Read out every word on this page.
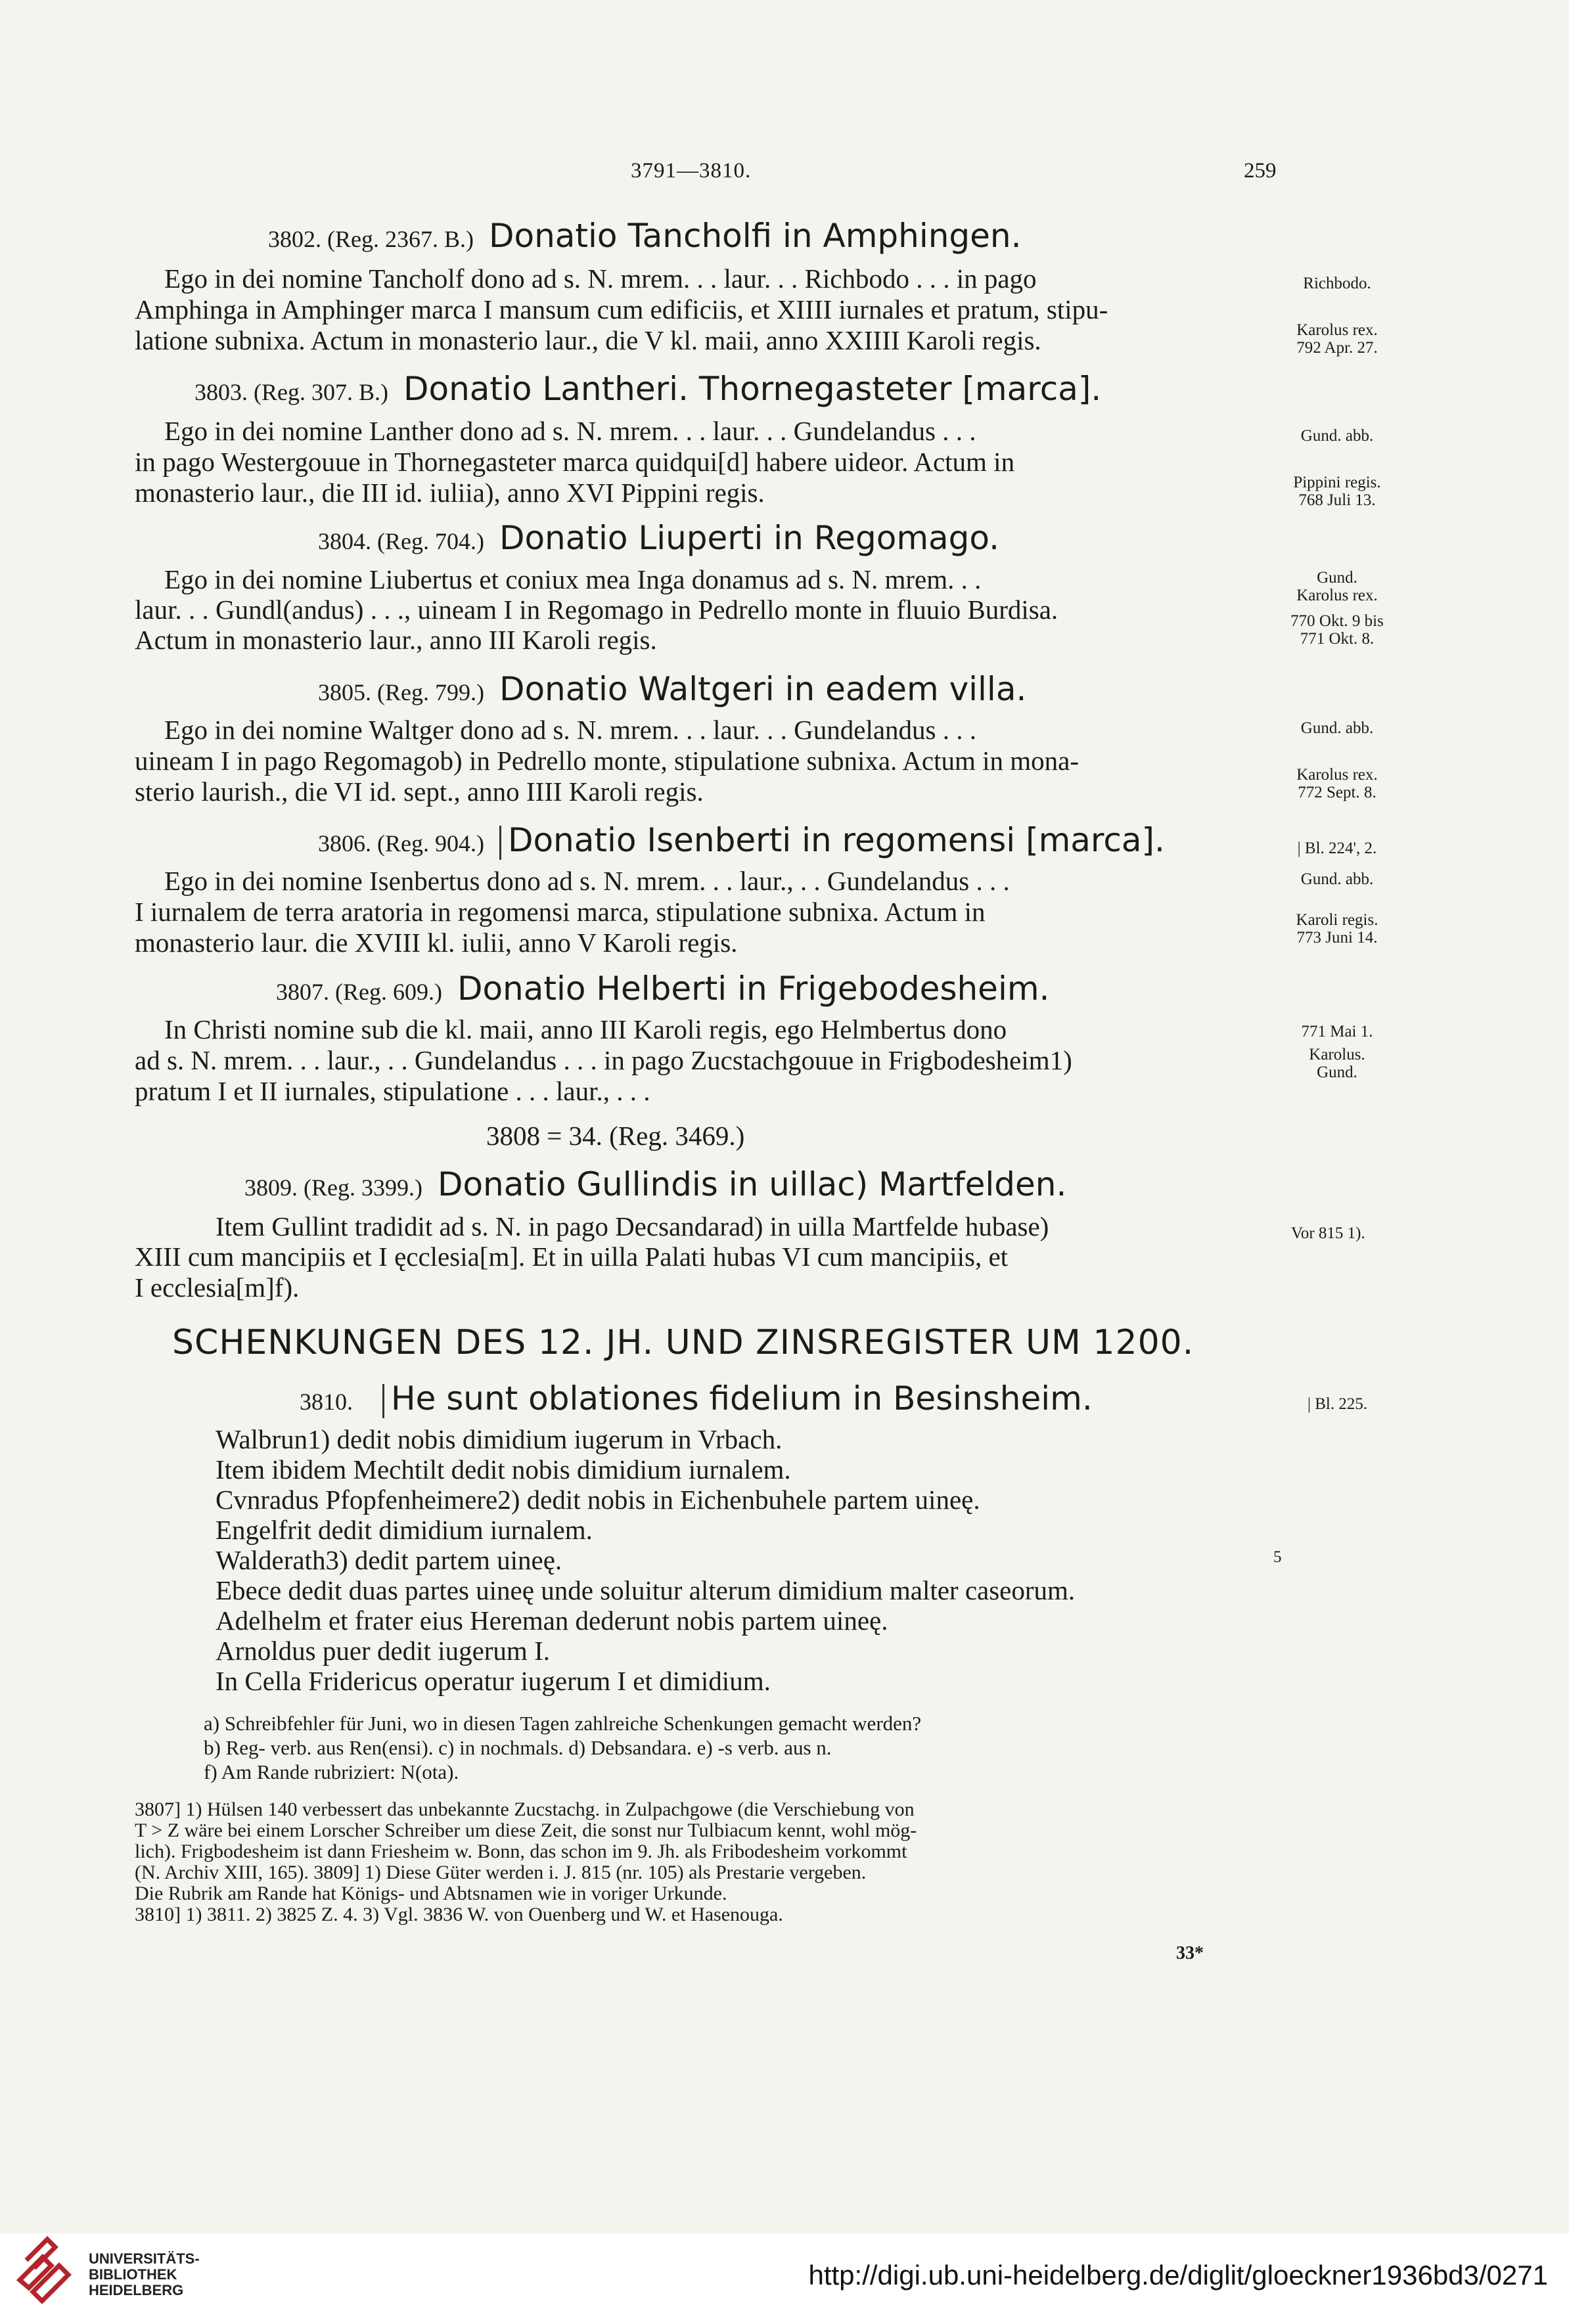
3791—3810.	259
3802. (Reg. 2367. B.) Donatio Tancholfi in Amphingen.
Ego in dei nomine Tancholf dono ad s. N. mrem. . . laur. . . Richbodo . . . in pago
Amphinga in Amphinger marca I mansum cum edificiis, et XIIII iurnales et pratum, stipu-
latione subnixa. Actum in monasterio laur., die V kl. maii, anno XXIIII Karoli regis.
Richbodo.
Karolus rex.
792 Apr. 27.
3803. (Reg. 307. B.) Donatio Lantheri. Thornegasteter [marca].
Ego in dei nomine Lanther dono ad s. N. mrem. . . laur. . . Gundelandus . . .
in pago Westergouue in Thornegasteter marca quidqui[d] habere uideor. Actum in
monasterio laur., die III id. iuliia), anno XVI Pippini regis.
Gund. abb.
Pippini regis.
768 Juli 13.
3804. (Reg. 704.) Donatio Liuperti in Regomago.
Ego in dei nomine Liubertus et coniux mea Inga donamus ad s. N. mrem. . .
laur. . . Gundl(andus) . . ., uineam I in Regomago in Pedrello monte in fluuio Burdisa.
Actum in monasterio laur., anno III Karoli regis.
Gund.
Karolus rex.
770 Okt. 9 bis
771 Okt. 8.
3805. (Reg. 799.) Donatio Waltgeri in eadem villa.
Ego in dei nomine Waltger dono ad s. N. mrem. . . laur. . . Gundelandus . . .
uineam I in pago Regomagob) in Pedrello monte, stipulatione subnixa. Actum in mona-
sterio laurish., die VI id. sept., anno IIII Karoli regis.
Gund. abb.
Karolus rex.
772 Sept. 8.
3806. (Reg. 904.) Donatio Isenberti in regomensi [marca].
Ego in dei nomine Isenbertus dono ad s. N. mrem. . . laur., . . Gundelandus . . .
I iurnalem de terra aratoria in regomensi marca, stipulatione subnixa. Actum in
monasterio laur. die XVIII kl. iulii, anno V Karoli regis.
| Bl. 224', 2.
Gund. abb.
Karoli regis.
773 Juni 14.
3807. (Reg. 609.) Donatio Helberti in Frigebodesheim.
In Christi nomine sub die kl. maii, anno III Karoli regis, ego Helmbertus dono
ad s. N. mrem. . . laur., . . Gundelandus . . . in pago Zucstachgouue in Frigbodesheim1)
pratum I et II iurnales, stipulatione . . . laur., . . .
771 Mai 1.
Karolus.
Gund.
3808 = 34. (Reg. 3469.)
3809. (Reg. 3399.) Donatio Gullindis in uillac) Martfelden.
Item Gullint tradidit ad s. N. in pago Decsandarad) in uilla Martfelde hubase)
XIII cum mancipiis et I ęcclesia[m]. Et in uilla Palati hubas VI cum mancipiis, et
I ecclesia[m]f).
Vor 815 1).
SCHENKUNGEN DES 12. JH. UND ZINSREGISTER UM 1200.
3810. He sunt oblationes fidelium in Besinsheim.	| Bl. 225.
5
Walbrun1) dedit nobis dimidium iugerum in Vrbach.
Item ibidem Mechtilt dedit nobis dimidium iurnalem.
Cvnradus Pfopfenheimere2) dedit nobis in Eichenbuhele partem uineę.
Engelfrit dedit dimidium iurnalem.
Walderath3) dedit partem uineę.
Ebece dedit duas partes uineę unde soluitur alterum dimidium malter caseorum.
Adelhelm et frater eius Hereman dederunt nobis partem uineę.
Arnoldus puer dedit iugerum I.
In Cella Fridericus operatur iugerum I et dimidium.
a) Schreibfehler für Juni, wo in diesen Tagen zahlreiche Schenkungen gemacht werden?
b) Reg- verb. aus Ren(ensi). c) in nochmals. d) Debsandara. e) -s verb. aus n.
f) Am Rande rubriziert: N(ota).
3807] 1) Hülsen 140 verbessert das unbekannte Zucstachg. in Zulpachgowe (die Verschiebung von
T > Z wäre bei einem Lorscher Schreiber um diese Zeit, die sonst nur Tulbiacum kennt, wohl mög-
lich). Frigbodesheim ist dann Friesheim w. Bonn, das schon im 9. Jh. als Fribodesheim vorkommt
(N. Archiv XIII, 165). 3809] 1) Diese Güter werden i. J. 815 (nr. 105) als Prestarie vergeben.
Die Rubrik am Rande hat Königs- und Abtsnamen wie in voriger Urkunde.
3810] 1) 3811. 2) 3825 Z. 4. 3) Vgl. 3836 W. von Ouenberg und W. et Hasenouga.
33*
UNIVERSITÄTS-
BIBLIOTHEK
HEIDELBERG	http://digi.ub.uni-heidelberg.de/diglit/gloeckner1936bd3/0271
